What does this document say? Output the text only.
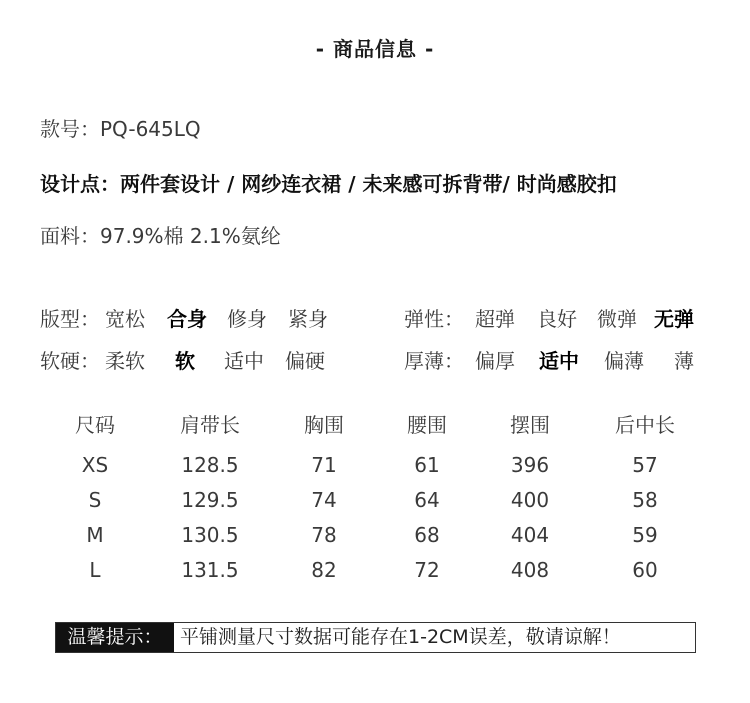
- 商品信息 -
款号：PQ-645LQ
设计点：两件套设计 / 网纱连衣裙 / 未来感可拆背带/ 时尚感胶扣
面料：97.9%棉 2.1%氨纶
版型： 宽松 合身 修身 紧身	弹性： 超弹 良好 微弹 无弹
软硬： 柔软 软 适中 偏硬	厚薄： 偏厚 适中 偏薄 薄
尺码	肩带长	胸围	腰围	摆围	后中长
XS	128.5	71	61	396	57
S	129.5	74	64	400	58
M	130.5	78	68	404	59
L	131.5	82	72	408	60
温馨提示： 平铺测量尺寸数据可能存在1-2CM误差，敬请谅解！
